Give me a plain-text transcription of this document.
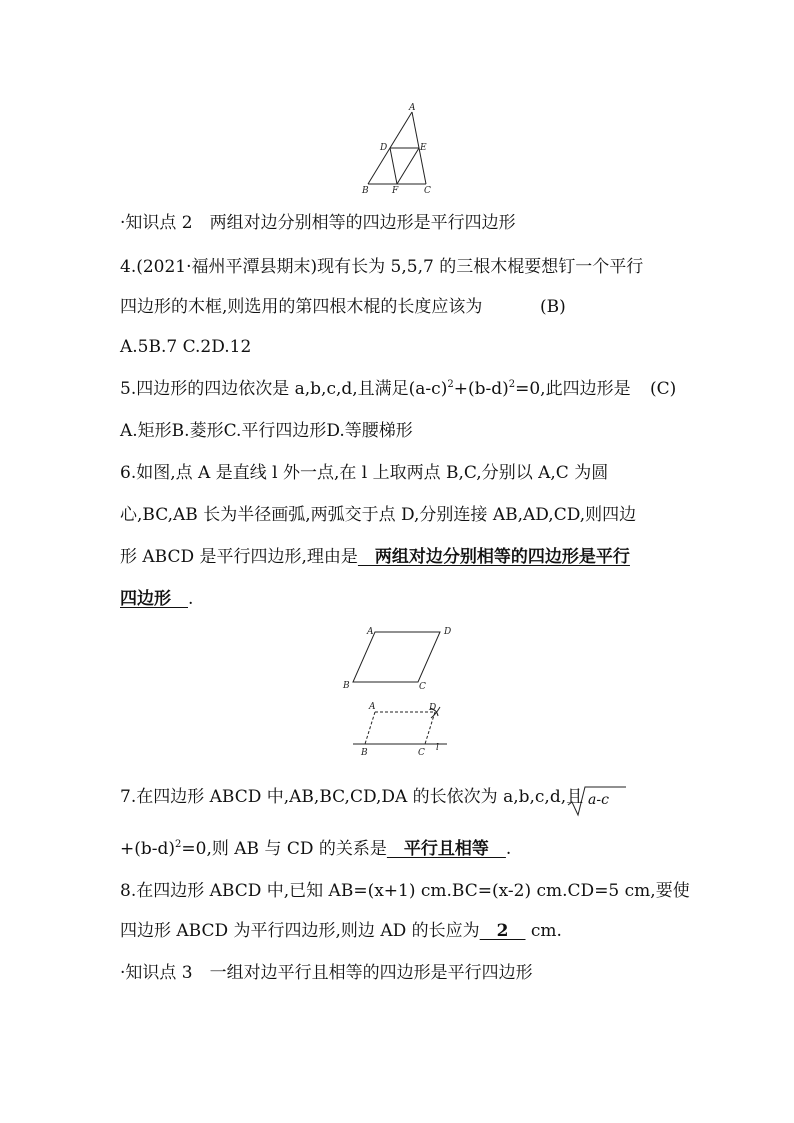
A
D	E
B	F	C
·知识点 2　两组对边分别相等的四边形是平行四边形
4.(2021·福州平潭县期末)现有长为 5,5,7 的三根木棍要想钉一个平行
四边形的木框,则选用的第四根木棍的长度应该为	(B)
A.5B.7 C.2D.12
5.四边形的四边依次是 a,b,c,d,且满足$(a-c)^2+(b-d)^2=0$,此四边形是 (C)
A.矩形B.菱形C.平行四边形D.等腰梯形
6.如图,点 A 是直线 l 外一点,在 l 上取两点 B,C,分别以 A,C 为圆
心,BC,AB 长为半径画弧,两弧交于点 D,分别连接 AB,AD,CD,则四边
形 ABCD 是平行四边形,理由是　两组对边分别相等的四边形是平行
四边形　.
A	D
B	C
A	D
B	C l
7.在四边形 ABCD 中,AB,BC,CD,DA 的长依次为 a,b,c,d,且 a-c
$+(b-d)^2=0$,则 AB 与 CD 的关系是　平行且相等　.
8.在四边形 ABCD 中,已知 AB=(x+1) cm.BC=(x-2) cm.CD=5 cm,要使
四边形 ABCD 为平行四边形,则边 AD 的长应为　2　 cm.
·知识点 3　一组对边平行且相等的四边形是平行四边形
